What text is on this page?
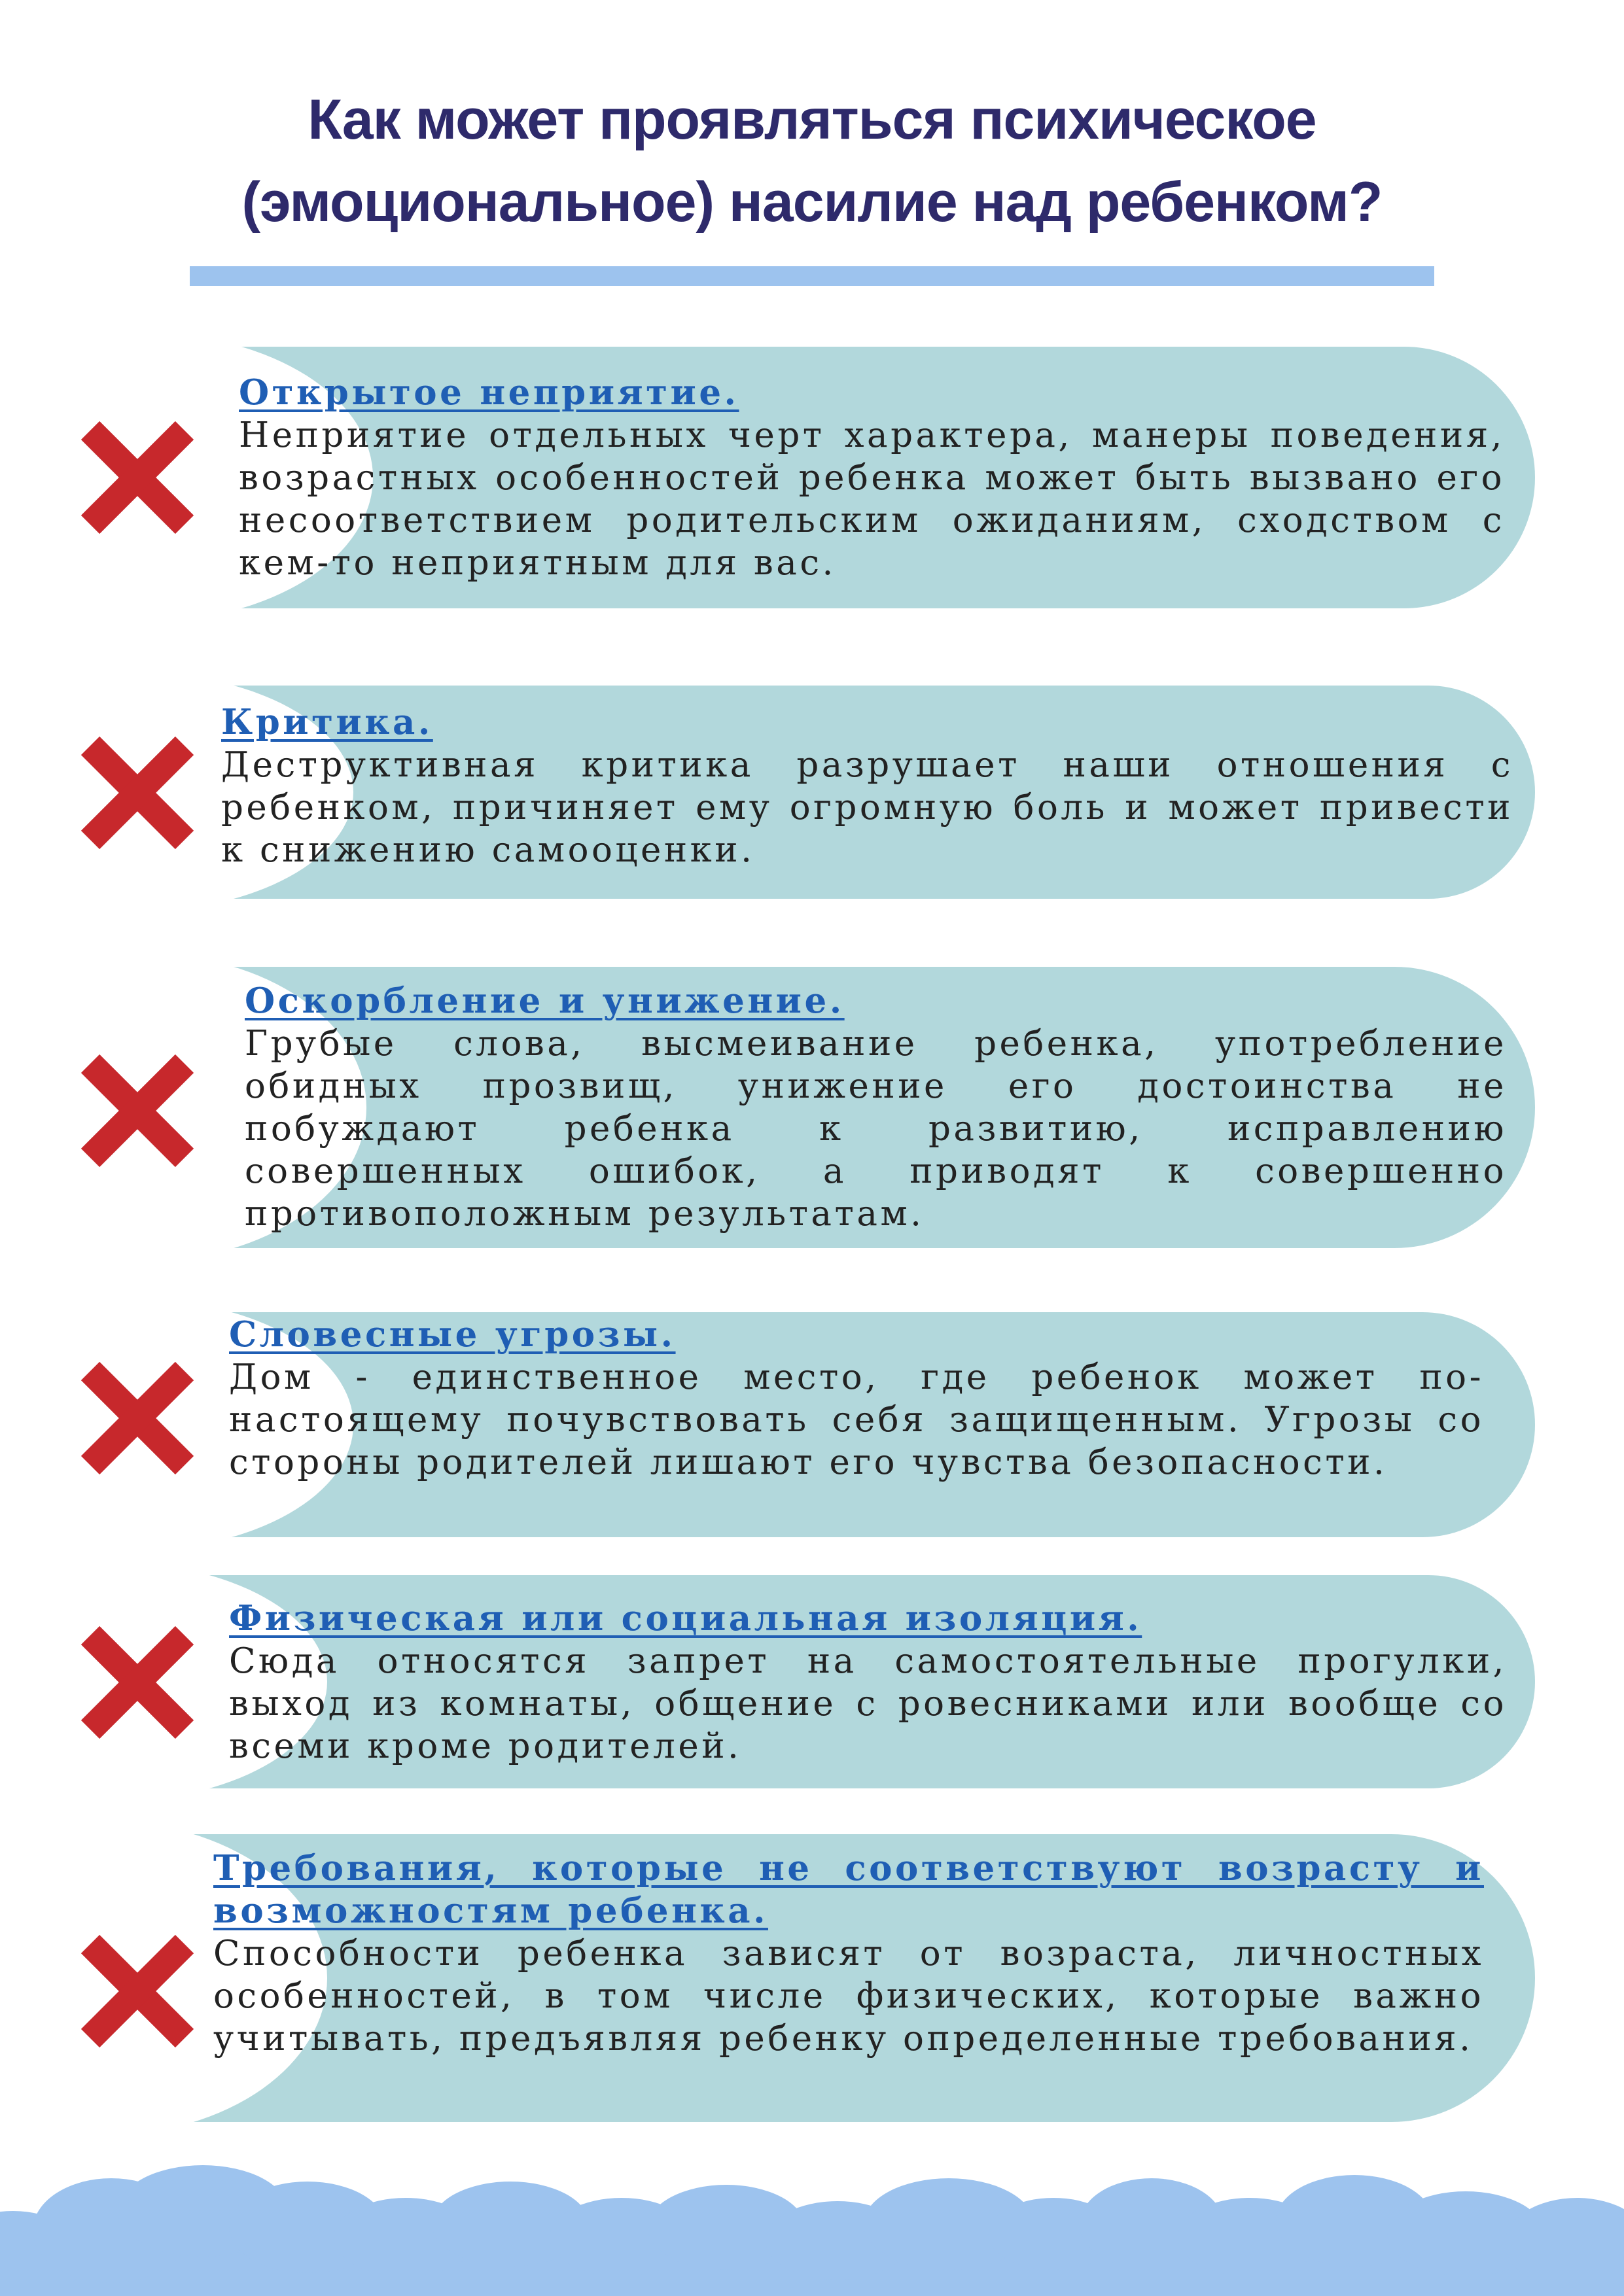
Как может проявляться психическое
(эмоциональное) насилие над ребенком?
Открытое неприятие.
Неприятие отдельных черт характера, манеры поведения, возрастных особенностей ребенка может быть вызвано его несоответствием родительским ожиданиям, сходством с кем-то неприятным для вас.
Критика.
Деструктивная критика разрушает наши отношения с ребенком, причиняет ему огромную боль и может привести к снижению самооценки.
Оскорбление и унижение.
Грубые слова, высмеивание ребенка, употребление обидных прозвищ, унижение его достоинства не побуждают ребенка к развитию, исправлению совершенных ошибок, а приводят к совершенно противоположным результатам.
Словесные угрозы.
Дом - единственное место, где ребенок может по-настоящему почувствовать себя защищенным. Угрозы со стороны родителей лишают его чувства безопасности.
Физическая или социальная изоляция.
Сюда относятся запрет на самостоятельные прогулки, выход из комнаты, общение с ровесниками или вообще со всеми кроме родителей.
Требования, которые не соответствуют возрасту и возможностям ребенка.
Способности ребенка зависят от возраста, личностных особенностей, в том числе физических, которые важно учитывать, предъявляя ребенку определенные требования.
